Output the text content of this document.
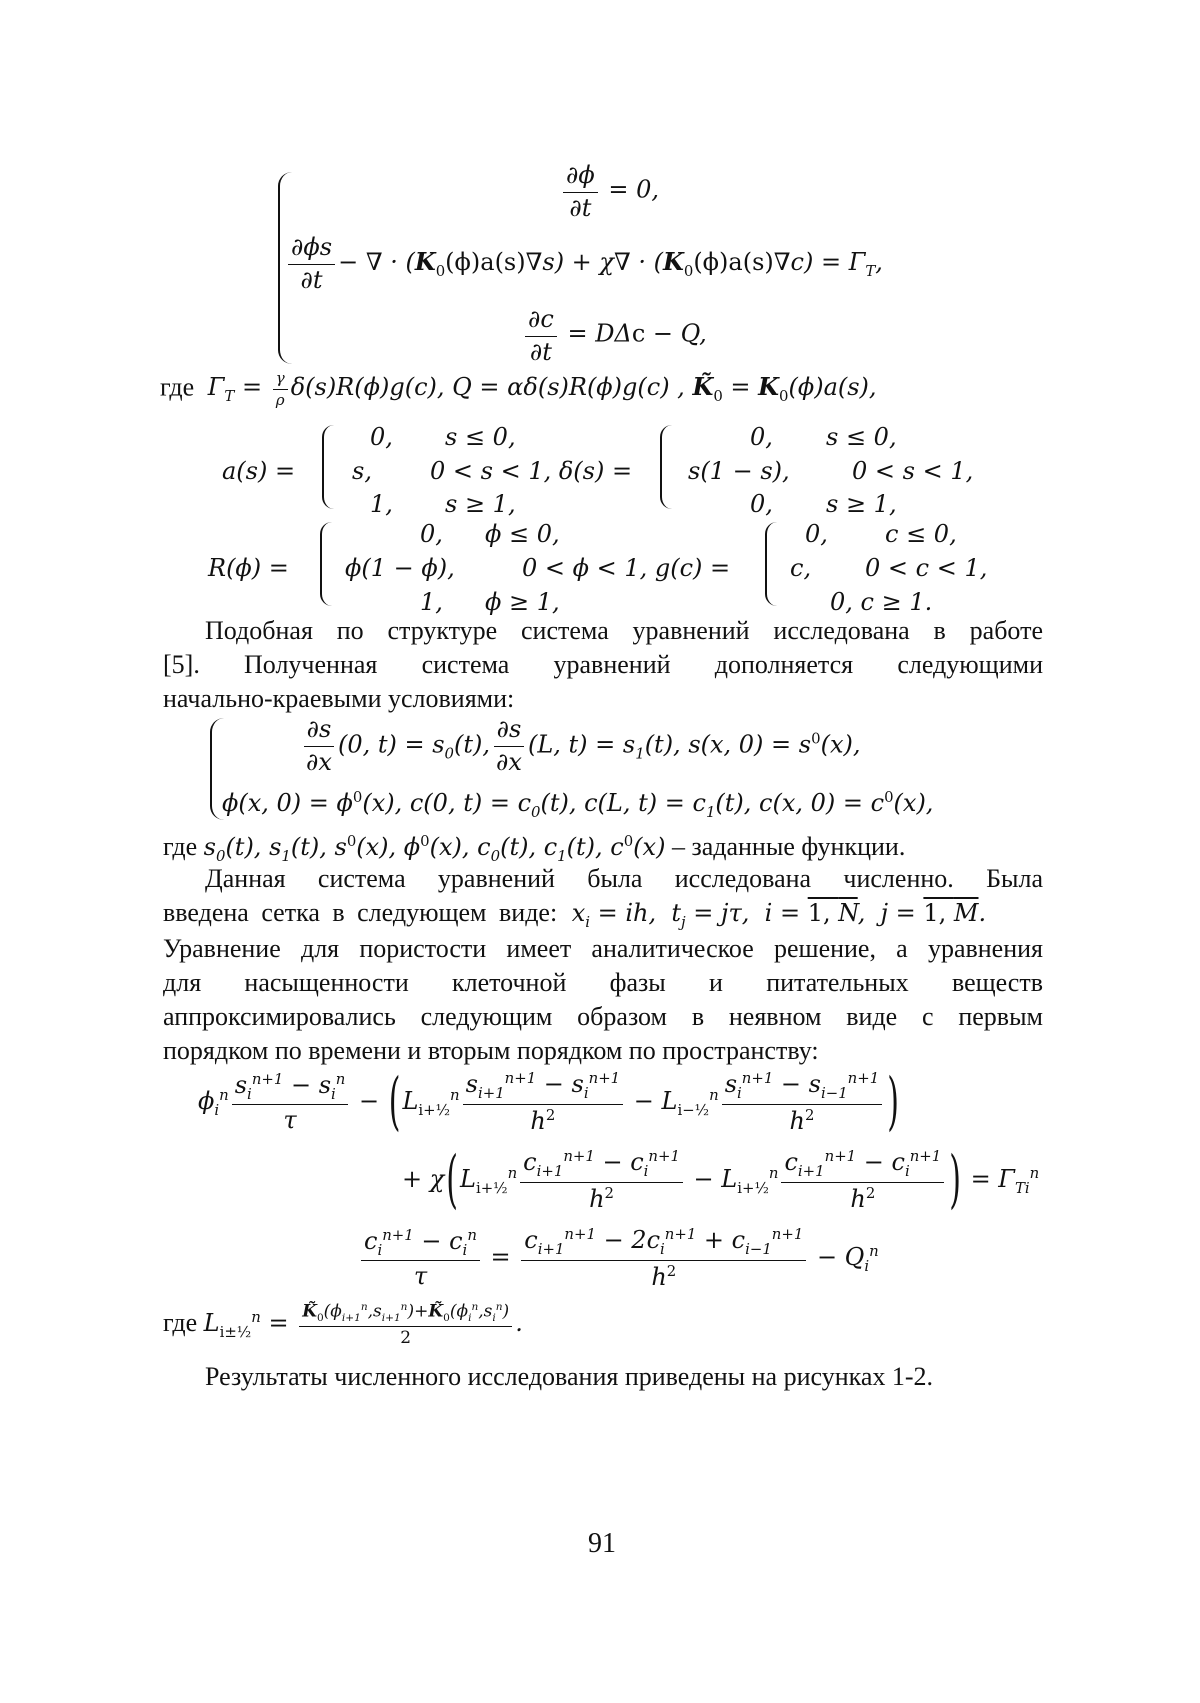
$\frac{\partial\phi}{\partial t} = 0$,
$\frac{\partial\phi s}{\partial t}$ − ∇ · $(K_0(\phi)a(s)\nabla s) + \chi\nabla \cdot (K_0(\phi)a(s)\nabla c) = \Gamma_T$,
$\frac{\partial c}{\partial t} = D\Delta c - Q$,
где  $\Gamma_T = \frac{\gamma}{\rho} \delta(s)R(\phi)g(c)$, Q = αδ(s)R(ϕ)g(c) , $K̃_0 = K_0(\phi)a(s)$,
a(s) =
0, s ≤ 0,
s, 0 < s < 1, δ(s) =
1, s ≥ 1,
0, s ≤ 0,
s(1 − s),	0 < s < 1,
0, s ≥ 1,
R(ϕ) =
0, ϕ ≤ 0,
ϕ(1 − ϕ),	0 < ϕ < 1, g(c) =
1, ϕ ≥ 1,
0, c ≤ 0,
c, 0 < c < 1,
0, c ≥ 1.
Подобная по структуре система уравнений исследована в работе
[5]. Полученная система уравнений дополняется следующими
начально-краевыми условиями:
$\frac{\partial s}{\partial x} (0$, $t) = s_0(t)$, $\frac{\partial s}{\partial x} (L$, $t) = s_1(t)$, s(x, $0) = s^0(x)$,
ϕ(x, $0) = \phi^0(x)$, c(0, $t) = c_0(t)$, c(L, $t) = c_1(t)$, c(x, $0) = c^0(x)$,
где $s_0(t)$, $s_1(t)$, $s^0(x)$, $\phi^0(x)$, $c_0(t)$, $c_1(t)$, $c^0(x)$ – заданные функции.
Данная система уравнений была исследована численно. Была
введена сетка в следующем виде: $x_i$ = ih,  $t_j = j\tau$,  i = 1, N,  j = 1, M.
Уравнение для пористости имеет аналитическое решение, а уравнения
для насыщенности клеточной фазы и питательных веществ
аппроксимировались следующим образом в неявном виде с первым
порядком по времени и вторым порядком по пространству:
$\phi_i^n \frac{s_i^{n+1} - s_i^n}{\tau} - (L_{i+\frac{1}{2}}^n \frac{s_{i+1}^{n+1} - s_i^{n+1}}{h^2} - L_{i-\frac{1}{2}}^n \frac{s_i^{n+1} - s_{i-1}^{n+1}}{h^2}$ )
+ $\chi(L_{i+\frac{1}{2}}^n \frac{c_{i+1}^{n+1} - c_i^{n+1}}{h^2} - L_{i+\frac{1}{2}}^n \frac{c_{i+1}^{n+1} - c_i^{n+1}}{h^2}$ ) = $\Gamma_{Ti}^n$
$\frac{c_i^{n+1} - c_i^n}{\tau} = \frac{c_{i+1}^{n+1} - 2c_i^{n+1} + c_{i-1}^{n+1}}{h^2} - Q_i^n$
где $L_{i\pm\frac{1}{2}}^n = \frac{K̃_0(\phi_{i+1}^n,s_{i+1}^n)+K̃_0(\phi_i^n,s_i^n)}{2}$ .
Результаты численного исследования приведены на рисунках 1-2.
91
